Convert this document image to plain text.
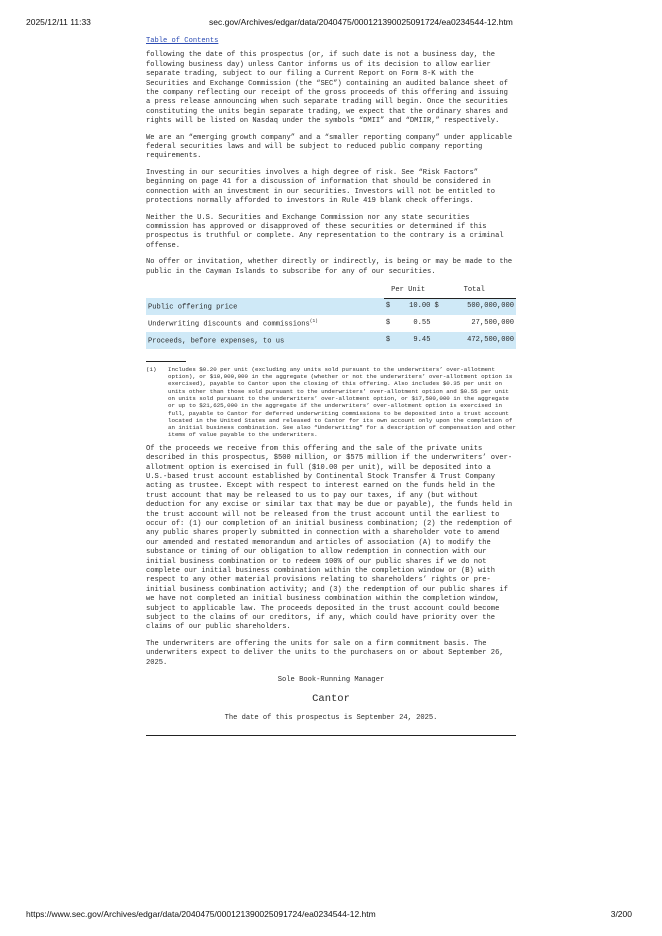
2025/12/11 11:33	sec.gov/Archives/edgar/data/2040475/000121390025091724/ea0234544-12.htm
Table of Contents

following the date of this prospectus (or, if such date is not a business day, the following business day) unless Cantor informs us of its decision to allow earlier separate trading, subject to our filing a Current Report on Form 8-K with the Securities and Exchange Commission (the “SEC”) containing an audited balance sheet of the company reflecting our receipt of the gross proceeds of this offering and issuing a press release announcing when such separate trading will begin. Once the securities constituting the units begin separate trading, we expect that the ordinary shares and rights will be listed on Nasdaq under the symbols “DMII” and “DMIIR,” respectively.

We are an “emerging growth company” and a “smaller reporting company” under applicable federal securities laws and will be subject to reduced public company reporting requirements.

Investing in our securities involves a high degree of risk. See “Risk Factors” beginning on page 41 for a discussion of information that should be considered in connection with an investment in our securities. Investors will not be entitled to protections normally afforded to investors in Rule 419 blank check offerings.

Neither the U.S. Securities and Exchange Commission nor any state securities commission has approved or disapproved of these securities or determined if this prospectus is truthful or complete. Any representation to the contrary is a criminal offense.

No offer or invitation, whether directly or indirectly, is being or may be made to the public in the Cayman Islands to subscribe for any of our securities.

	Per Unit		Total	
Public offering price	$	10.00	$	500,000,000
Underwriting discounts and commissions$^{(1)}$	$	0.55		27,500,000
Proceeds, before expenses, to us	$	9.45		472,500,000
(1)	Includes $0.20 per unit (excluding any units sold pursuant to the underwriters’ over-allotment option), or $10,000,000 in the aggregate (whether or not the underwriters’ over-allotment option is exercised), payable to Cantor upon the closing of this offering. Also includes $0.35 per unit on units other than those sold pursuant to the underwriters’ over-allotment option and $0.55 per unit on units sold pursuant to the underwriters’ over-allotment option, or $17,500,000 in the aggregate or up to $21,625,000 in the aggregate if the underwriters’ over-allotment option is exercised in full, payable to Cantor for deferred underwriting commissions to be deposited into a trust account located in the United States and released to Cantor for its own account only upon the completion of an initial business combination. See also “Underwriting” for a description of compensation and other items of value payable to the underwriters.

Of the proceeds we receive from this offering and the sale of the private units described in this prospectus, $500 million, or $575 million if the underwriters’ over-allotment option is exercised in full ($10.00 per unit), will be deposited into a U.S.-based trust account established by Continental Stock Transfer & Trust Company acting as trustee. Except with respect to interest earned on the funds held in the trust account that may be released to us to pay our taxes, if any (but without deduction for any excise or similar tax that may be due or payable), the funds held in the trust account will not be released from the trust account until the earliest to occur of: (1) our completion of an initial business combination; (2) the redemption of any public shares properly submitted in connection with a shareholder vote to amend our amended and restated memorandum and articles of association (A) to modify the substance or timing of our obligation to allow redemption in connection with our initial business combination or to redeem 100% of our public shares if we do not complete our initial business combination within the completion window or (B) with respect to any other material provisions relating to shareholders’ rights or pre-initial business combination activity; and (3) the redemption of our public shares if we have not completed an initial business combination within the completion window, subject to applicable law. The proceeds deposited in the trust account could become subject to the claims of our creditors, if any, which could have priority over the claims of our public shareholders.

The underwriters are offering the units for sale on a firm commitment basis. The underwriters expect to deliver the units to the purchasers on or about September 26, 2025.

Sole Book-Running Manager
Cantor
The date of this prospectus is September 24, 2025.
https://www.sec.gov/Archives/edgar/data/2040475/000121390025091724/ea0234544-12.htm	3/200
